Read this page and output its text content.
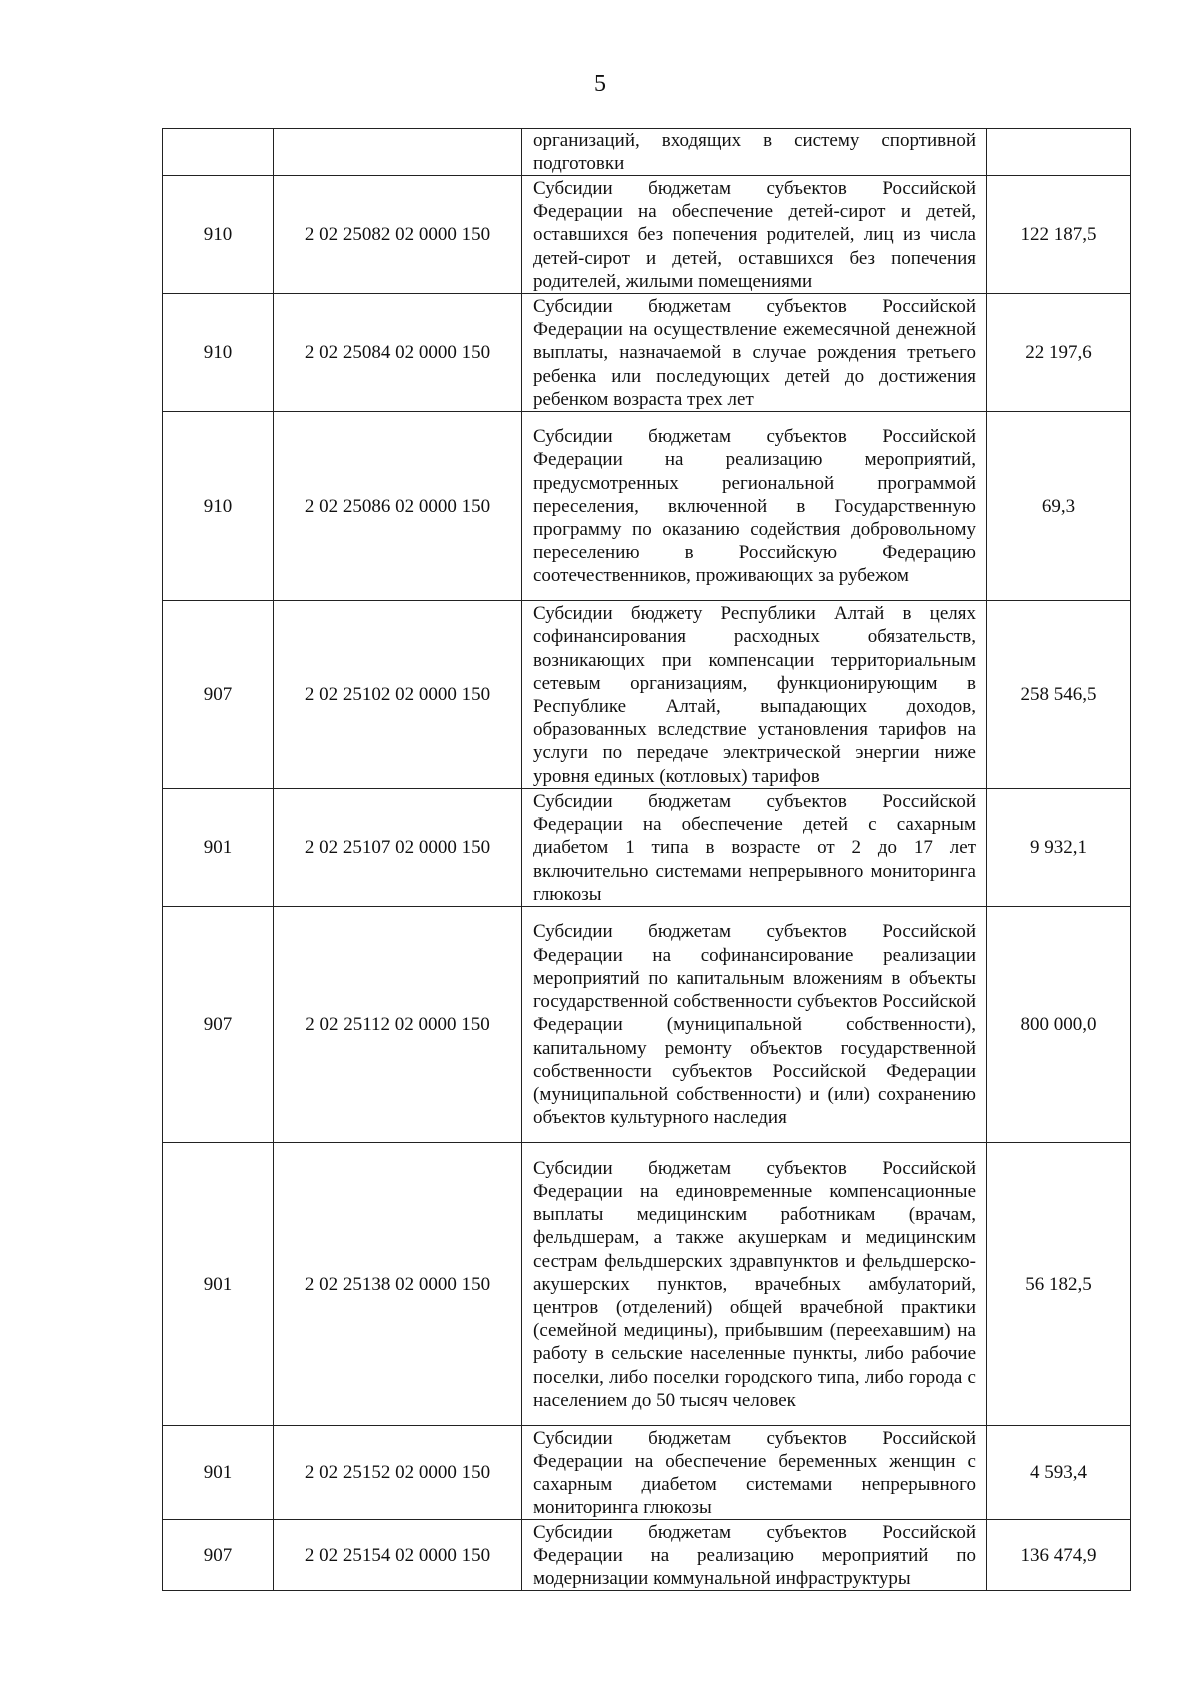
5
		организаций, входящих в систему спортивной подготовки	
910	2 02 25082 02 0000 150	Субсидии бюджетам субъектов Российской Федерации на обеспечение детей-сирот и детей, оставшихся без попечения родителей, лиц из числа детей-сирот и детей, оставшихся без попечения родителей, жилыми помещениями	122 187,5
910	2 02 25084 02 0000 150	Субсидии бюджетам субъектов Российской Федерации на осуществление ежемесячной денежной выплаты, назначаемой в случае рождения третьего ребенка или последующих детей до достижения ребенком возраста трех лет	22 197,6
910	2 02 25086 02 0000 150	Субсидии бюджетам субъектов Российской Федерации на реализацию мероприятий, предусмотренных региональной программой переселения, включенной в Государственную программу по оказанию содействия добровольному переселению в Российскую Федерацию соотечественников, проживающих за рубежом	69,3
907	2 02 25102 02 0000 150	Субсидии бюджету Республики Алтай в целях софинансирования расходных обязательств, возникающих при компенсации территориальным сетевым организациям, функционирующим в Республике Алтай, выпадающих доходов, образованных вследствие установления тарифов на услуги по передаче электрической энергии ниже уровня единых (котловых) тарифов	258 546,5
901	2 02 25107 02 0000 150	Субсидии бюджетам субъектов Российской Федерации на обеспечение детей с сахарным диабетом 1 типа в возрасте от 2 до 17 лет включительно системами непрерывного мониторинга глюкозы	9 932,1
907	2 02 25112 02 0000 150	Субсидии бюджетам субъектов Российской Федерации на софинансирование реализации мероприятий по капитальным вложениям в объекты государственной собственности субъектов Российской Федерации (муниципальной собственности), капитальному ремонту объектов государственной собственности субъектов Российской Федерации (муниципальной собственности) и (или) сохранению объектов культурного наследия	800 000,0
901	2 02 25138 02 0000 150	Субсидии бюджетам субъектов Российской Федерации на единовременные компенсационные выплаты медицинским работникам (врачам, фельдшерам, а также акушеркам и медицинским сестрам фельдшерских здравпунктов и фельдшерско-акушерских пунктов, врачебных амбулаторий, центров (отделений) общей врачебной практики (семейной медицины), прибывшим (переехавшим) на работу в сельские населенные пункты, либо рабочие поселки, либо поселки городского типа, либо города с населением до 50 тысяч человек	56 182,5
901	2 02 25152 02 0000 150	Субсидии бюджетам субъектов Российской Федерации на обеспечение беременных женщин с сахарным диабетом системами непрерывного мониторинга глюкозы	4 593,4
907	2 02 25154 02 0000 150	Субсидии бюджетам субъектов Российской Федерации на реализацию мероприятий по модернизации коммунальной инфраструктуры	136 474,9
